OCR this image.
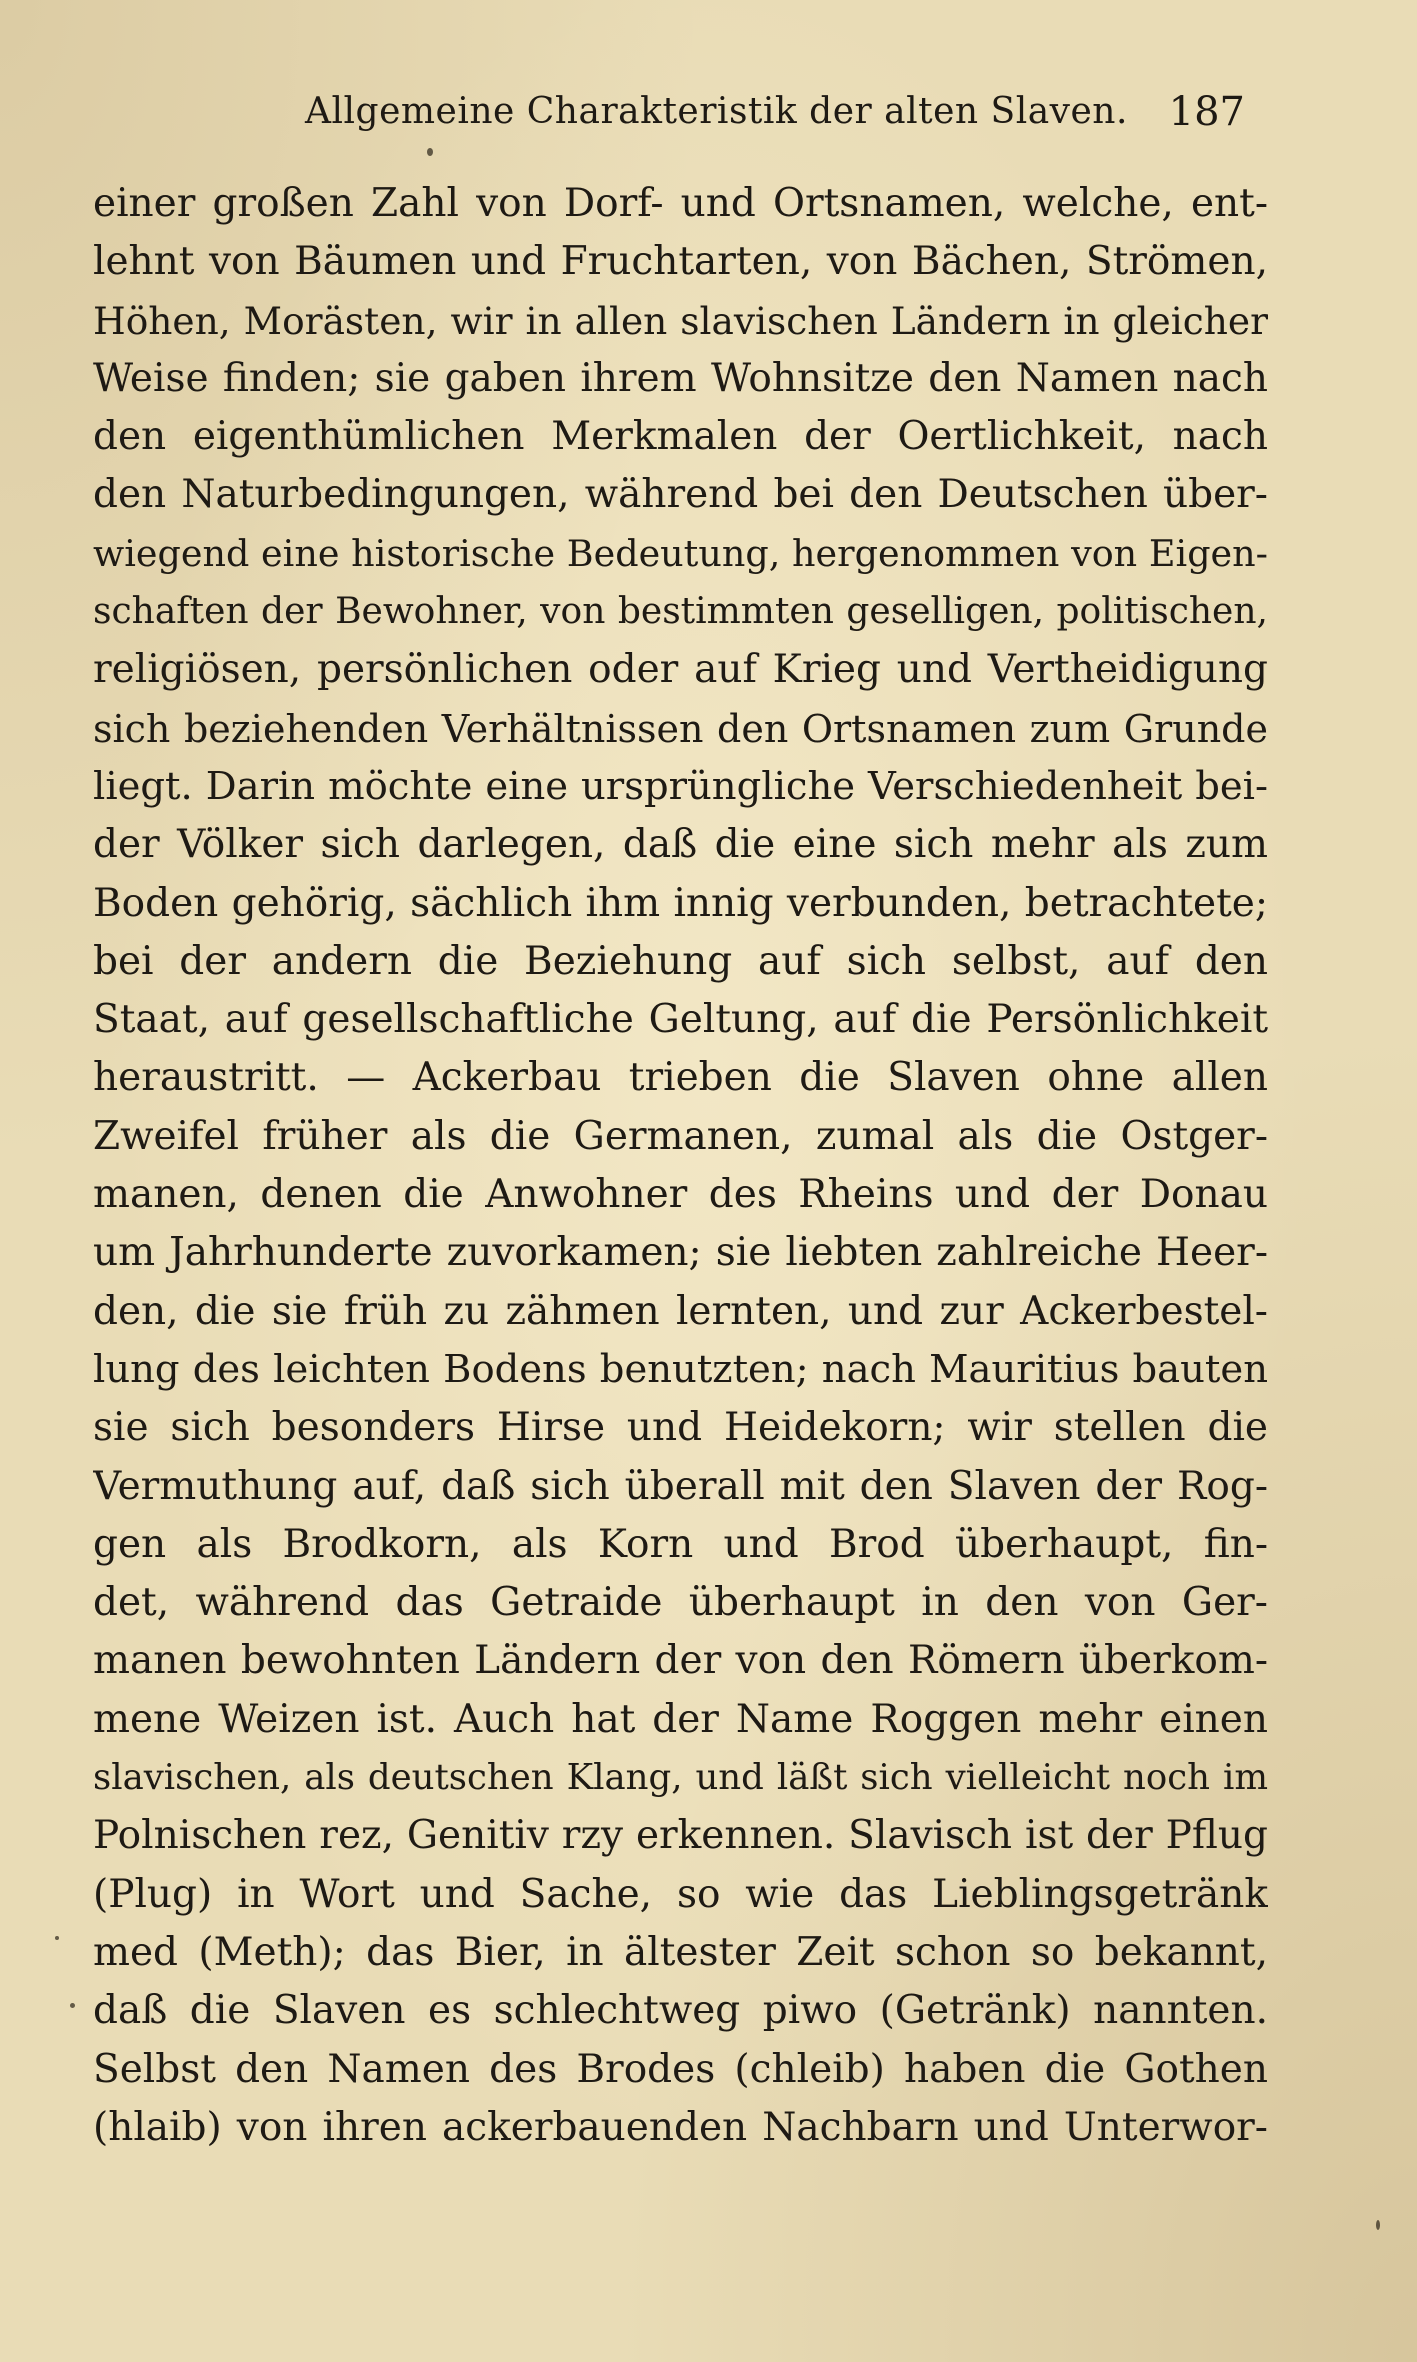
Allgemeine Charakteristik der alten Slaven. 187
einer großen Zahl von Dorf- und Ortsnamen, welche, ent-
lehnt von Bäumen und Fruchtarten, von Bächen, Strömen,
Höhen, Morästen, wir in allen slavischen Ländern in gleicher
Weise finden; sie gaben ihrem Wohnsitze den Namen nach
den eigenthümlichen Merkmalen der Oertlichkeit, nach
den Naturbedingungen, während bei den Deutschen über-
wiegend eine historische Bedeutung, hergenommen von Eigen-
schaften der Bewohner, von bestimmten geselligen, politischen,
religiösen, persönlichen oder auf Krieg und Vertheidigung
sich beziehenden Verhältnissen den Ortsnamen zum Grunde
liegt. Darin möchte eine ursprüngliche Verschiedenheit bei-
der Völker sich darlegen, daß die eine sich mehr als zum
Boden gehörig, sächlich ihm innig verbunden, betrachtete;
bei der andern die Beziehung auf sich selbst, auf den
Staat, auf gesellschaftliche Geltung, auf die Persönlichkeit
heraustritt. — Ackerbau trieben die Slaven ohne allen
Zweifel früher als die Germanen, zumal als die Ostger-
manen, denen die Anwohner des Rheins und der Donau
um Jahrhunderte zuvorkamen; sie liebten zahlreiche Heer-
den, die sie früh zu zähmen lernten, und zur Ackerbestel-
lung des leichten Bodens benutzten; nach Mauritius bauten
sie sich besonders Hirse und Heidekorn; wir stellen die
Vermuthung auf, daß sich überall mit den Slaven der Rog-
gen als Brodkorn, als Korn und Brod überhaupt, fin-
det, während das Getraide überhaupt in den von Ger-
manen bewohnten Ländern der von den Römern überkom-
mene Weizen ist. Auch hat der Name Roggen mehr einen
slavischen, als deutschen Klang, und läßt sich vielleicht noch im
Polnischen rez, Genitiv rzy erkennen. Slavisch ist der Pflug
(Plug) in Wort und Sache, so wie das Lieblingsgetränk
med (Meth); das Bier, in ältester Zeit schon so bekannt,
daß die Slaven es schlechtweg piwo (Getränk) nannten.
Selbst den Namen des Brodes (chleib) haben die Gothen
(hlaib) von ihren ackerbauenden Nachbarn und Unterwor-
